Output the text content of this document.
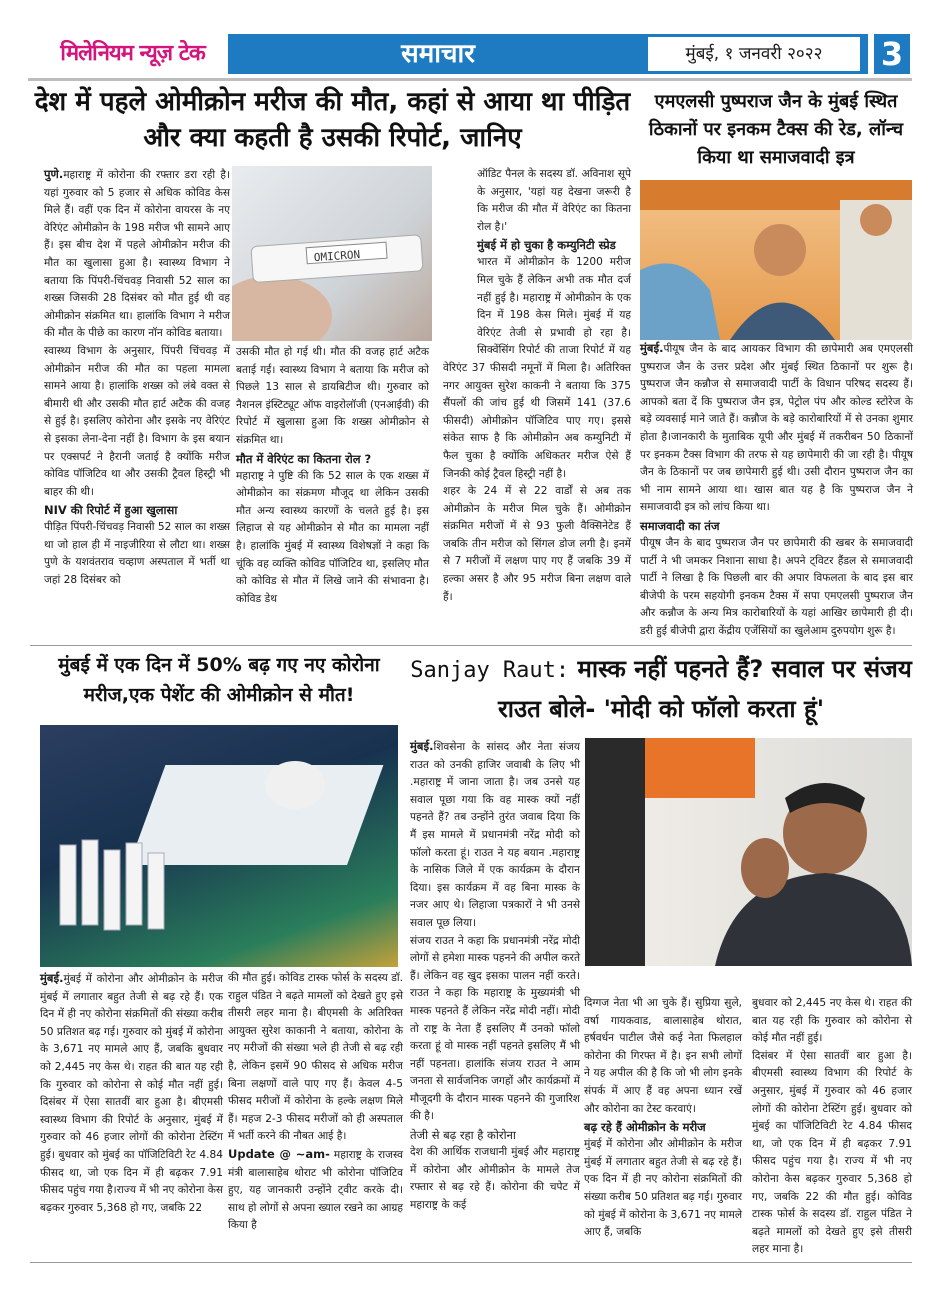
मिलेनियम न्यूज़ टेक	समाचार	मुंबई, १ जनवरी २०२२	3
देश में पहले ओमीक्रोन मरीज की मौत, कहां से आया था पीड़ित और क्या कहती है उसकी रिपोर्ट, जानिए
OMICRON

पुणे.महाराष्ट्र में कोरोना की रफ्तार डरा रही है। यहां गुरुवार को 5 हजार से अधिक कोविड केस मिले हैं। वहीं एक दिन में कोरोना वायरस के नए वेरिएंट ओमीक्रोन के 198 मरीज भी सामने आए हैं। इस बीच देश में पहले ओमीक्रोन मरीज की मौत का खुलासा हुआ है। स्वास्थ्य विभाग ने बताया कि पिंपरी-चिंचवड़ निवासी 52 साल का शख्स जिसकी 28 दिसंबर को मौत हुई थी वह ओमीक्रोन संक्रमित था। हालांकि विभाग ने मरीज की मौत के पीछे का कारण नॉन कोविड बताया।

स्वास्थ्य विभाग के अनुसार, पिंपरी चिंचवड़ में ओमीक्रोन मरीज की मौत का पहला मामला सामने आया है। हालांकि शख्स को लंबे वक्त से बीमारी थी और उसकी मौत हार्ट अटैक की वजह से हुई है। इसलिए कोरोना और इसके नए वेरिएंट से इसका लेना-देना नहीं है। विभाग के इस बयान पर एक्सपर्ट ने हैरानी जताई है क्योंकि मरीज कोविड पॉजिटिव था और उसकी ट्रैवल हिस्ट्री भी बाहर की थी।

NIV की रिपोर्ट में हुआ खुलासा

पीड़ित पिंपरी-चिंचवड़ निवासी 52 साल का शख्स था जो हाल ही में नाइजीरिया से लौटा था। शख्स पुणे के यशवंतराव चव्हाण अस्पताल में भर्ती था जहां 28 दिसंबर को

उसकी मौत हो गई थी। मौत की वजह हार्ट अटैक बताई गई। स्वास्थ्य विभाग ने बताया कि मरीज को पिछले 13 साल से डायबिटीज थी। गुरुवार को नैशनल इंस्टिट्यूट ऑफ वाइरोलॉजी (एनआईवी) की रिपोर्ट में खुलासा हुआ कि शख्स ओमीक्रोन से संक्रमित था।

मौत में वेरिएंट का कितना रोल ?

महाराष्ट्र ने पुष्टि की कि 52 साल के एक शख्स में ओमीक्रोन का संक्रमण मौजूद था लेकिन उसकी मौत अन्य स्वास्थ्य कारणों के चलते हुई है। इस लिहाज से यह ओमीक्रोन से मौत का मामला नहीं है। हालांकि मुंबई में स्वास्थ्य विशेषज्ञों ने कहा कि चूंकि वह व्यक्ति कोविड पॉजिटिव था, इसलिए मौत को कोविड से मौत में लिखे जाने की संभावना है। कोविड डेथ

ऑडिट पैनल के सदस्य डॉ. अविनाश सूपे के अनुसार, 'यहां यह देखना जरूरी है कि मरीज की मौत में वेरिएंट का कितना रोल है।'

मुंबई में हो चुका है कम्युनिटी स्प्रेड

भारत में ओमीक्रोन के 1200 मरीज मिल चुके हैं लेकिन अभी तक मौत दर्ज नहीं हुई है। महाराष्ट्र में ओमीक्रोन के एक दिन में 198 केस मिले। मुंबई में यह वेरिएंट तेजी से प्रभावी हो रहा है। सिक्वेंसिंग रिपोर्ट की ताजा रिपोर्ट में यह वेरिएंट 37 फीसदी नमूनों में मिला है। अतिरिक्त नगर आयुक्त सुरेश काकनी ने बताया कि 375 सैंपलों की जांच हुई थी जिसमें 141 (37.6 फीसदी) ओमीक्रोन पॉजिटिव पाए गए। इससे संकेत साफ है कि ओमीक्रोन अब कम्युनिटी में फैल चुका है क्योंकि अधिकतर मरीज ऐसे हैं जिनकी कोई ट्रैवल हिस्ट्री नहीं है।

शहर के 24 में से 22 वार्डों से अब तक ओमीक्रोन के मरीज मिल चुके हैं। ओमीक्रोन संक्रमित मरीजों में से 93 फुली वैक्सिनेटेड हैं जबकि तीन मरीज को सिंगल डोज लगी है। इनमें से 7 मरीजों में लक्षण पाए गए हैं जबकि 39 में हल्का असर है और 95 मरीज बिना लक्षण वाले हैं।

एमएलसी पुष्पराज जैन के मुंबई स्थित ठिकानों पर इनकम टैक्स की रेड, लॉन्च किया था समाजवादी इत्र

मुंबई.पीयूष जैन के बाद आयकर विभाग की छापेमारी अब एमएलसी पुष्पराज जैन के उत्तर प्रदेश और मुंबई स्थित ठिकानों पर शुरू है। पुष्पराज जैन कन्नौज से समाजवादी पार्टी के विधान परिषद सदस्य हैं। आपको बता दें कि पुष्पराज जैन इत्र, पेट्रोल पंप और कोल्ड स्टोरेज के बड़े व्यवसाई माने जाते हैं। कन्नौज के बड़े कारोबारियों में से उनका शुमार होता है।जानकारी के मुताबिक यूपी और मुंबई में तकरीबन 50 ठिकानों पर इनकम टैक्स विभाग की तरफ से यह छापेमारी की जा रही है। पीयूष जैन के ठिकानों पर जब छापेमारी हुई थी। उसी दौरान पुष्पराज जैन का भी नाम सामने आया था। खास बात यह है कि पुष्पराज जैन ने समाजवादी इत्र को लांच किया था।

समाजवादी का तंज

पीयूष जैन के बाद पुष्पराज जैन पर छापेमारी की खबर के समाजवादी पार्टी ने भी जमकर निशाना साधा है। अपने ट्विटर हैंडल से समाजवादी पार्टी ने लिखा है कि पिछली बार की अपार विफलता के बाद इस बार बीजेपी के परम सहयोगी इनकम टैक्स में सपा एमएलसी पुष्पराज जैन और कन्नौज के अन्य मित्र कारोबारियों के यहां आखिर छापेमारी ही दी।डरी हुई बीजेपी द्वारा केंद्रीय एजेंसियों का खुलेआम दुरुपयोग शुरू है।

मुंबई में एक दिन में 50% बढ़ गए नए कोरोना मरीज,एक पेशेंट की ओमीक्रोन से मौत!

मुंबई.मुंबई में कोरोना और ओमीक्रोन के मरीज मुंबई में लगातार बहुत तेजी से बढ़ रहे हैं। एक दिन में ही नए कोरोना संक्रमितों की संख्या करीब 50 प्रतिशत बढ़ गई। गुरुवार को मुंबई में कोरोना के 3,671 नए मामले आए हैं, जबकि बुधवार को 2,445 नए केस थे। राहत की बात यह रही कि गुरुवार को कोरोना से कोई मौत नहीं हुई। दिसंबर में ऐसा सातवीं बार हुआ है। बीएमसी स्वास्थ्य विभाग की रिपोर्ट के अनुसार, मुंबई में गुरुवार को 46 हजार लोगों की कोरोना टेस्टिंग हुई। बुधवार को मुंबई का पॉजिटिविटी रेट 4.84 फीसद था, जो एक दिन में ही बढ़कर 7.91 फीसद पहुंच गया है।राज्य में भी नए कोरोना केस बढ़कर गुरुवार 5,368 हो गए, जबकि 22

की मौत हुई। कोविड टास्क फोर्स के सदस्य डॉ. राहुल पंडित ने बढ़ते मामलों को देखते हुए इसे तीसरी लहर माना है। बीएमसी के अतिरिक्त आयुक्त सुरेश काकानी ने बताया, कोरोना के नए मरीजों की संख्या भले ही तेजी से बढ़ रही है, लेकिन इसमें 90 फीसद से अधिक मरीज बिना लक्षणों वाले पाए गए हैं। केवल 4-5 फीसद मरीजों में कोरोना के हल्के लक्षण मिले हैं। महज 2-3 फीसद मरीजों को ही अस्पताल में भर्ती करने की नौबत आई है।

Update @ ~am- महाराष्ट्र के राजस्व मंत्री बालासाहेब थोराट भी कोरोना पॉजिटिव हुए, यह जानकारी उन्होंने ट्वीट करके दी। साथ हो लोगों से अपना ख्याल रखने का आग्रह किया है

Sanjay Raut: मास्क नहीं पहनते हैं? सवाल पर संजय राउत बोले- 'मोदी को फॉलो करता हूं'

मुंबई.शिवसेना के सांसद और नेता संजय राउत को उनकी हाजिर जवाबी के लिए भी .महाराष्ट्र में जाना जाता है। जब उनसे यह सवाल पूछा गया कि वह मास्क क्यों नहीं पहनते हैं? तब उन्होंने तुरंत जवाब दिया कि मैं इस मामले में प्रधानमंत्री नरेंद्र मोदी को फॉलो करता हूं। राउत ने यह बयान .महाराष्ट्र के नासिक जिले में एक कार्यक्रम के दौरान दिया। इस कार्यक्रम में वह बिना मास्क के नजर आए थे। लिहाजा पत्रकारों ने भी उनसे सवाल पूछ लिया।

संजय राउत ने कहा कि प्रधानमंत्री नरेंद्र मोदी लोगों से हमेशा मास्क पहनने की अपील करते हैं। लेकिन वह खुद इसका पालन नहीं करते। राउत ने कहा कि महाराष्ट्र के मुख्यमंत्री भी मास्क पहनते हैं लेकिन नरेंद्र मोदी नहीं। मोदी तो राष्ट्र के नेता हैं इसलिए मैं उनको फॉलो करता हूं वो मास्क नहीं पहनते इसलिए मैं भी नहीं पहनता। हालांकि संजय राउत ने आम जनता से सार्वजनिक जगहों और कार्यक्रमों में मौजूदगी के दौरान मास्क पहनने की गुजारिश की है।

तेजी से बढ़ रहा है कोरोना

देश की आर्थिक राजधानी मुंबई और महाराष्ट्र में कोरोना और ओमीक्रोन के मामले तेज रफ्तार से बढ़ रहे हैं। कोरोना की चपेट में महाराष्ट्र के कई

दिग्गज नेता भी आ चुके हैं। सुप्रिया सुले, वर्षा गायकवाड, बालासाहेब थोरात, हर्षवर्धन पाटील जैसे कई नेता फिलहाल कोरोना की गिरफ्त में है। इन सभी लोगों ने यह अपील की है कि जो भी लोग इनके संपर्क में आए हैं वह अपना ध्यान रखें और कोरोना का टेस्ट करवाएं।

बढ़ रहे हैं ओमीक्रोन के मरीज

मुंबई में कोरोना और ओमीक्रोन के मरीज मुंबई में लगातार बहुत तेजी से बढ़ रहे हैं। एक दिन में ही नए कोरोना संक्रमितों की संख्या करीब 50 प्रतिशत बढ़ गई। गुरुवार को मुंबई में कोरोना के 3,671 नए मामले आए हैं, जबकि

बुधवार को 2,445 नए केस थे। राहत की बात यह रही कि गुरुवार को कोरोना से कोई मौत नहीं हुई।

दिसंबर में ऐसा सातवीं बार हुआ है। बीएमसी स्वास्थ्य विभाग की रिपोर्ट के अनुसार, मुंबई में गुरुवार को 46 हजार लोगों की कोरोना टेस्टिंग हुई। बुधवार को मुंबई का पॉजिटिविटी रेट 4.84 फीसद था, जो एक दिन में ही बढ़कर 7.91 फीसद पहुंच गया है। राज्य में भी नए कोरोना केस बढ़कर गुरुवार 5,368 हो गए, जबकि 22 की मौत हुई। कोविड टास्क फोर्स के सदस्य डॉ. राहुल पंडित ने बढ़ते मामलों को देखते हुए इसे तीसरी लहर माना है।
